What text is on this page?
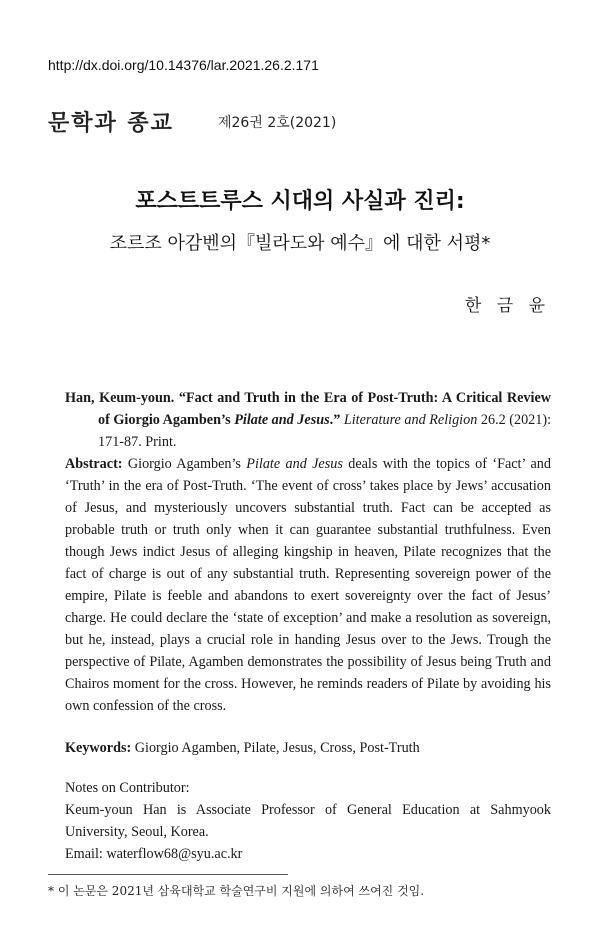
http://dx.doi.org/10.14376/lar.2021.26.2.171
문학과 종교	제26권 2호(2021)
포스트트루스 시대의 사실과 진리:
조르조 아감벤의『빌라도와 예수』에 대한 서평*
한 금 윤

Han, Keum-youn. “Fact and Truth in the Era of Post-Truth: A Critical Review of Giorgio Agamben’s Pilate and Jesus.” Literature and Religion 26.2 (2021): 171-87. Print.

Abstract: Giorgio Agamben’s Pilate and Jesus deals with the topics of ‘Fact’ and ‘Truth’ in the era of Post-Truth. ‘The event of cross’ takes place by Jews’ accusation of Jesus, and mysteriously uncovers substantial truth. Fact can be accepted as probable truth or truth only when it can guarantee substantial truthfulness. Even though Jews indict Jesus of alleging kingship in heaven, Pilate recognizes that the fact of charge is out of any substantial truth. Representing sovereign power of the empire, Pilate is feeble and abandons to exert sovereignty over the fact of Jesus’ charge. He could declare the ‘state of exception’ and make a resolution as sovereign, but he, instead, plays a crucial role in handing Jesus over to the Jews. Trough the perspective of Pilate, Agamben demonstrates the possibility of Jesus being Truth and Chairos moment for the cross. However, he reminds readers of Pilate by avoiding his own confession of the cross.

Keywords: Giorgio Agamben, Pilate, Jesus, Cross, Post-Truth

Notes on Contributor:

Keum-youn Han is Associate Professor of General Education at Sahmyook University, Seoul, Korea.

Email: waterflow68@syu.ac.kr

* 이 논문은 2021년 삼육대학교 학술연구비 지원에 의하여 쓰여진 것임.
